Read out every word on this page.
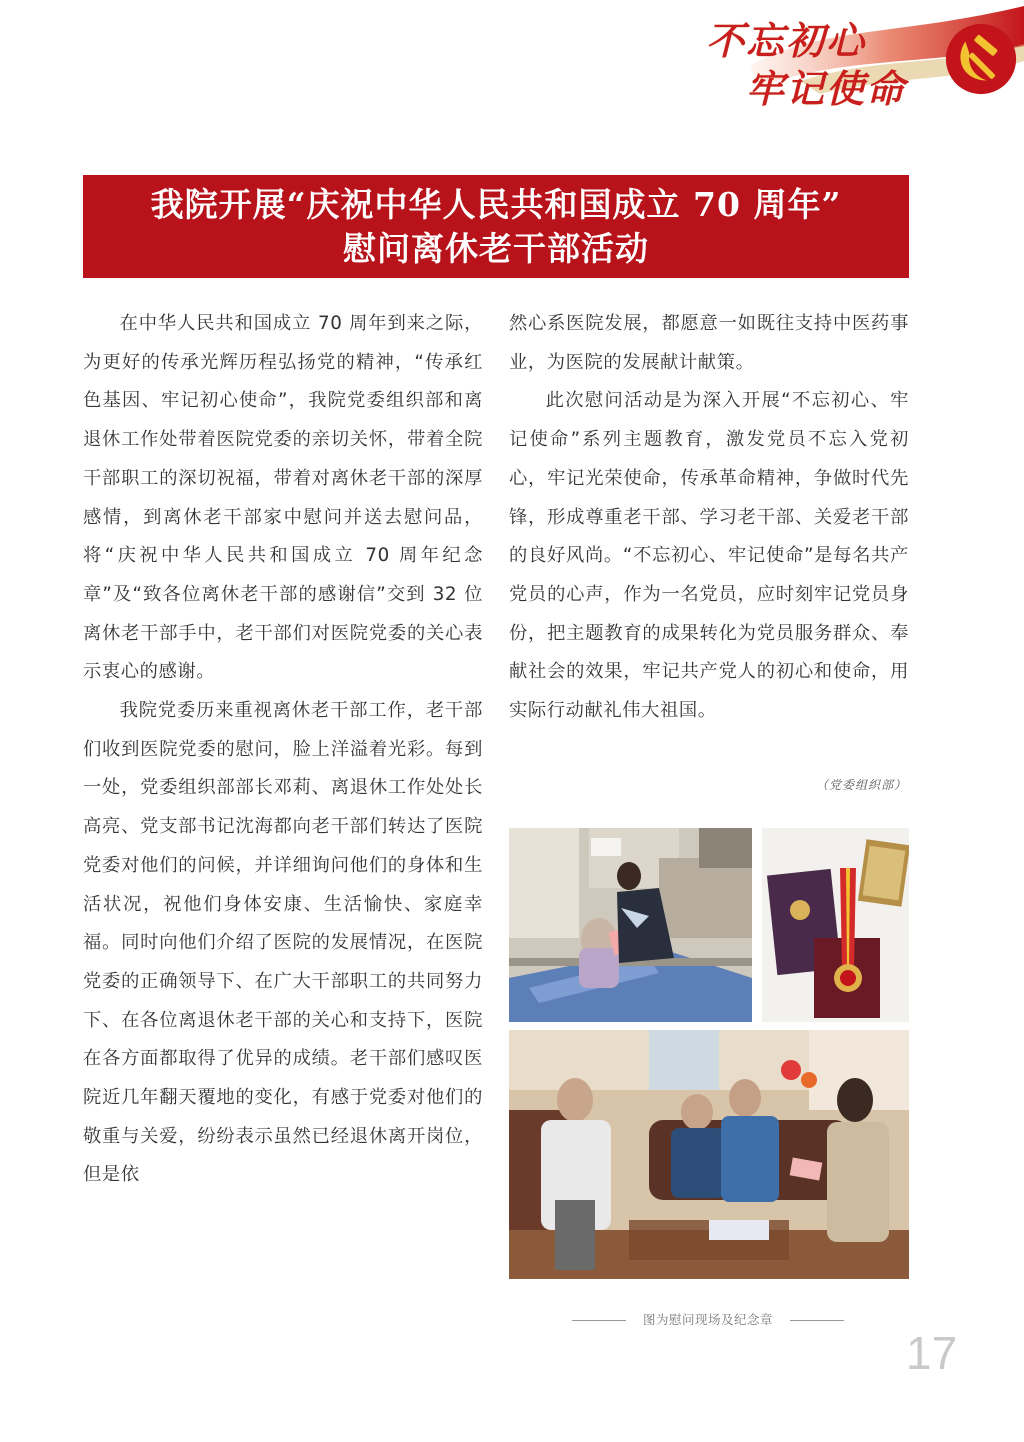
不忘初心
牢记使命
我院开展“庆祝中华人民共和国成立 70 周年”
慰问离休老干部活动

在中华人民共和国成立 70 周年到来之际，为更好的传承光辉历程弘扬党的精神，“传承红色基因、牢记初心使命”，我院党委组织部和离退休工作处带着医院党委的亲切关怀，带着全院干部职工的深切祝福，带着对离休老干部的深厚感情，到离休老干部家中慰问并送去慰问品，将“庆祝中华人民共和国成立 70 周年纪念章”及“致各位离休老干部的感谢信”交到 32 位离休老干部手中，老干部们对医院党委的关心表示衷心的感谢。

我院党委历来重视离休老干部工作，老干部们收到医院党委的慰问，脸上洋溢着光彩。每到一处，党委组织部部长邓莉、离退休工作处处长高亮、党支部书记沈海都向老干部们转达了医院党委对他们的问候，并详细询问他们的身体和生活状况，祝他们身体安康、生活愉快、家庭幸福。同时向他们介绍了医院的发展情况，在医院党委的正确领导下、在广大干部职工的共同努力下、在各位离退休老干部的关心和支持下，医院在各方面都取得了优异的成绩。老干部们感叹医院近几年翻天覆地的变化，有感于党委对他们的敬重与关爱，纷纷表示虽然已经退休离开岗位，但是依

然心系医院发展，都愿意一如既往支持中医药事业，为医院的发展献计献策。

此次慰问活动是为深入开展“不忘初心、牢记使命”系列主题教育，激发党员不忘入党初心，牢记光荣使命，传承革命精神，争做时代先锋，形成尊重老干部、学习老干部、关爱老干部的良好风尚。“不忘初心、牢记使命”是每名共产党员的心声，作为一名党员，应时刻牢记党员身份，把主题教育的成果转化为党员服务群众、奉献社会的效果，牢记共产党人的初心和使命，用实际行动献礼伟大祖国。

（党委组织部）
图为慰问现场及纪念章
17
